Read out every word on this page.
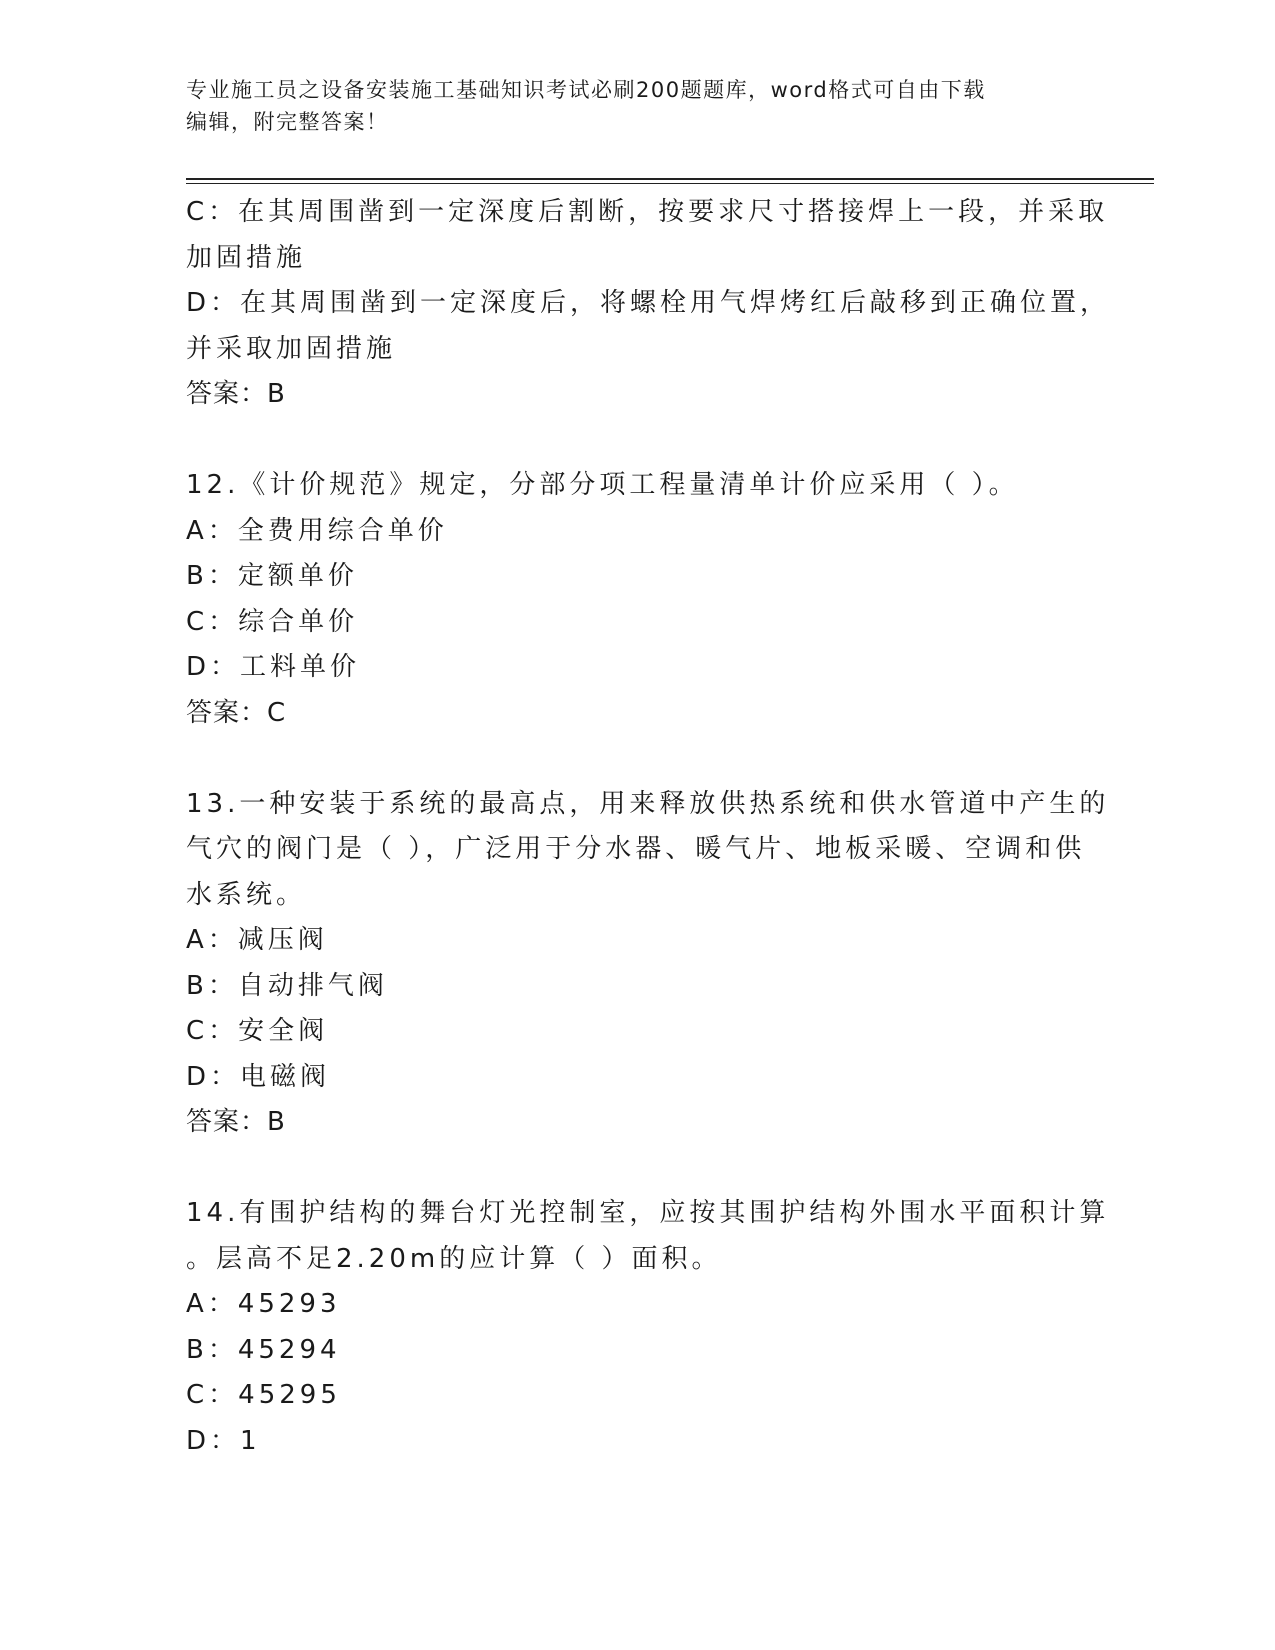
专业施工员之设备安装施工基础知识考试必刷200题题库，word格式可自由下载
编辑，附完整答案！
C：在其周围凿到一定深度后割断，按要求尺寸搭接焊上一段，并采取
加固措施
D：在其周围凿到一定深度后，将螺栓用气焊烤红后敲移到正确位置，
并采取加固措施
答案：B
12.《计价规范》规定，分部分项工程量清单计价应采用（ ）。
A：全费用综合单价
B：定额单价
C：综合单价
D：工料单价
答案：C
13.一种安装于系统的最高点，用来释放供热系统和供水管道中产生的
气穴的阀门是（ ），广泛用于分水器、暖气片、地板采暖、空调和供
水系统。
A：减压阀
B：自动排气阀
C：安全阀
D：电磁阀
答案：B
14.有围护结构的舞台灯光控制室，应按其围护结构外围水平面积计算
。层高不足2.20m的应计算（ ）面积。
A：45293
B：45294
C：45295
D：1
